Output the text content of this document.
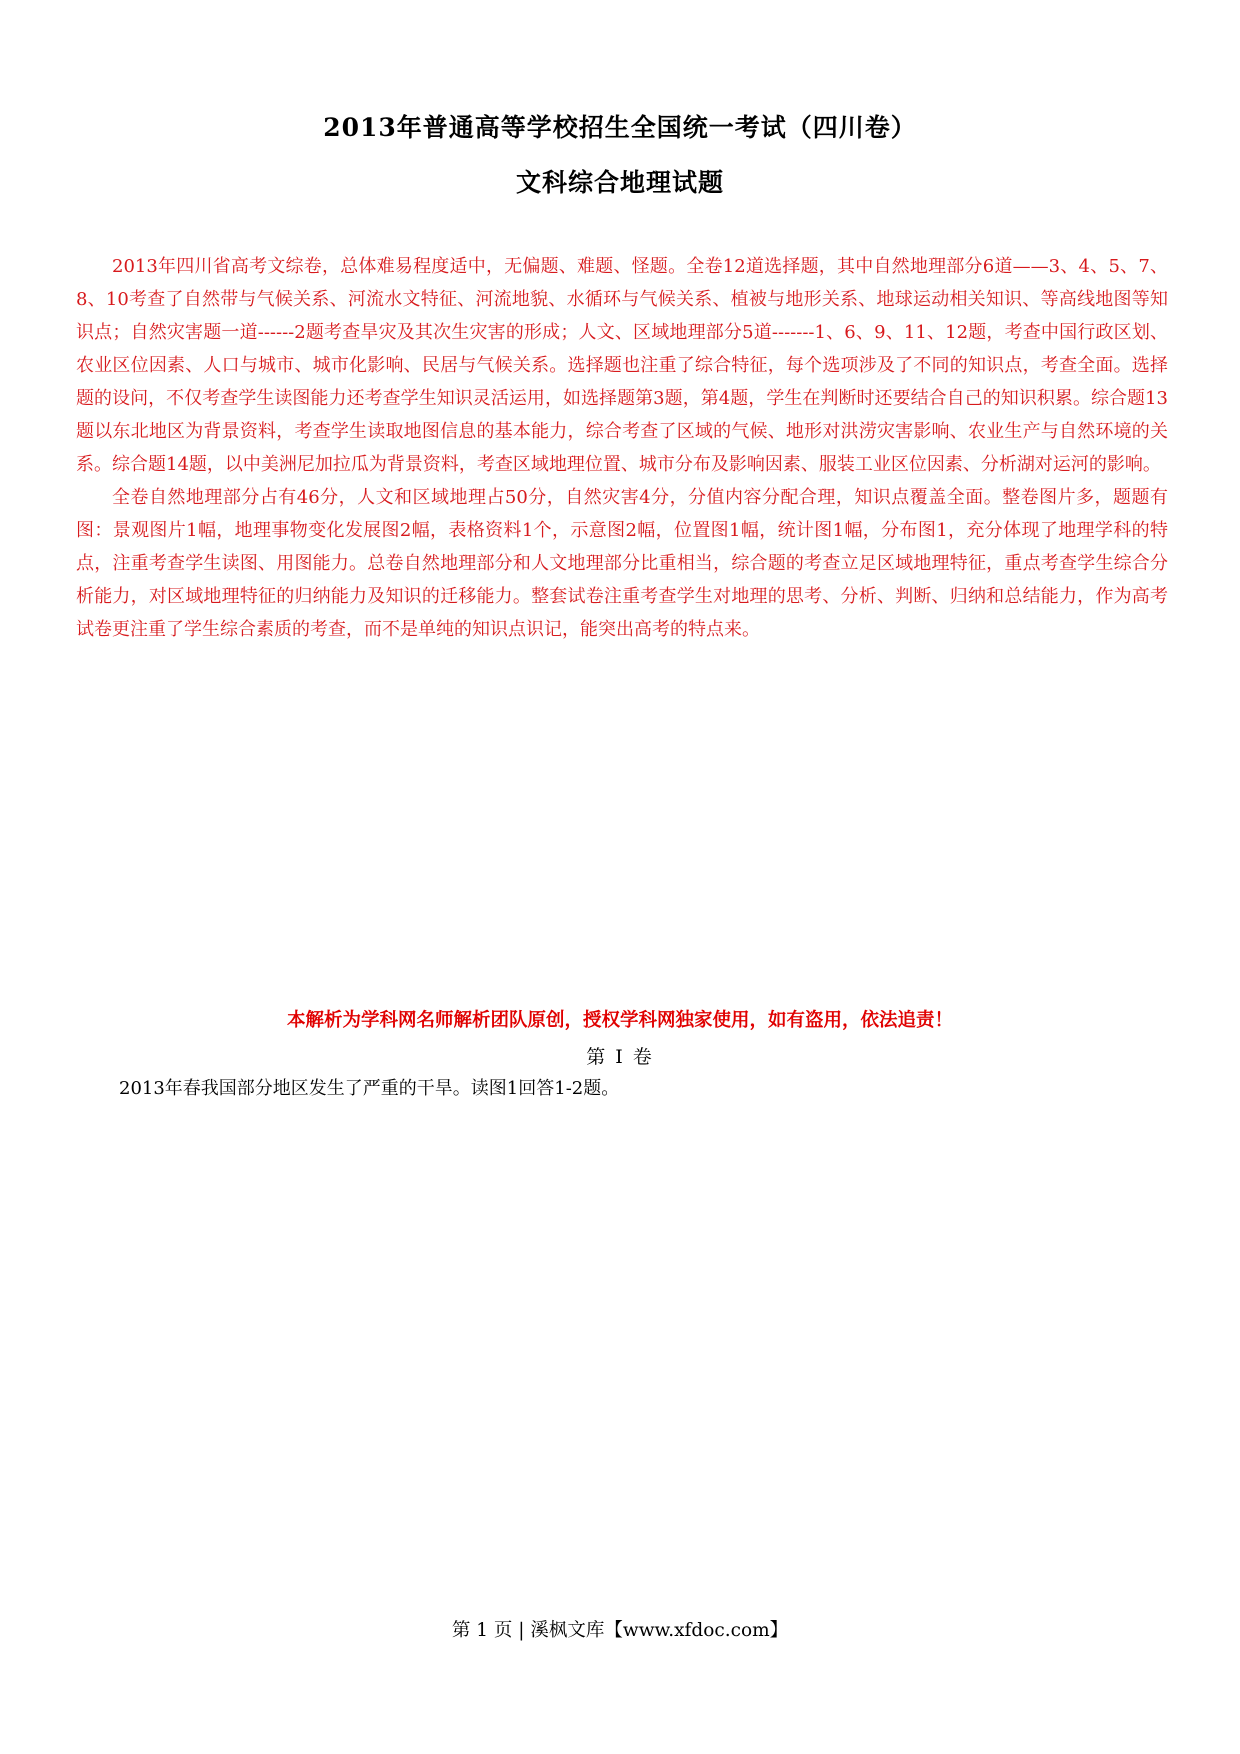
2013年普通高等学校招生全国统一考试（四川卷）
文科综合地理试题

2013年四川省高考文综卷，总体难易程度适中，无偏题、难题、怪题。全卷12道选择题，其中自然地理部分6道——3、4、5、7、8、10考查了自然带与气候关系、河流水文特征、河流地貌、水循环与气候关系、植被与地形关系、地球运动相关知识、等高线地图等知识点；自然灾害题一道------2题考查旱灾及其次生灾害的形成；人文、区域地理部分5道-------1、6、9、11、12题，考查中国行政区划、农业区位因素、人口与城市、城市化影响、民居与气候关系。选择题也注重了综合特征，每个选项涉及了不同的知识点，考查全面。选择题的设问，不仅考查学生读图能力还考查学生知识灵活运用，如选择题第3题，第4题，学生在判断时还要结合自己的知识积累。综合题13题以东北地区为背景资料，考查学生读取地图信息的基本能力，综合考查了区域的气候、地形对洪涝灾害影响、农业生产与自然环境的关系。综合题14题，以中美洲尼加拉瓜为背景资料，考查区域地理位置、城市分布及影响因素、服装工业区位因素、分析湖对运河的影响。

全卷自然地理部分占有46分，人文和区域地理占50分，自然灾害4分，分值内容分配合理，知识点覆盖全面。整卷图片多，题题有图：景观图片1幅，地理事物变化发展图2幅，表格资料1个，示意图2幅，位置图1幅，统计图1幅，分布图1，充分体现了地理学科的特点，注重考查学生读图、用图能力。总卷自然地理部分和人文地理部分比重相当，综合题的考查立足区域地理特征，重点考查学生综合分析能力，对区域地理特征的归纳能力及知识的迁移能力。整套试卷注重考查学生对地理的思考、分析、判断、归纳和总结能力，作为高考试卷更注重了学生综合素质的考查，而不是单纯的知识点识记，能突出高考的特点来。

本解析为学科网名师解析团队原创，授权学科网独家使用，如有盗用，依法追责！
第 I 卷
2013年春我国部分地区发生了严重的干旱。读图1回答1-2题。
第 1 页 | 溪枫文库【www.xfdoc.com】
